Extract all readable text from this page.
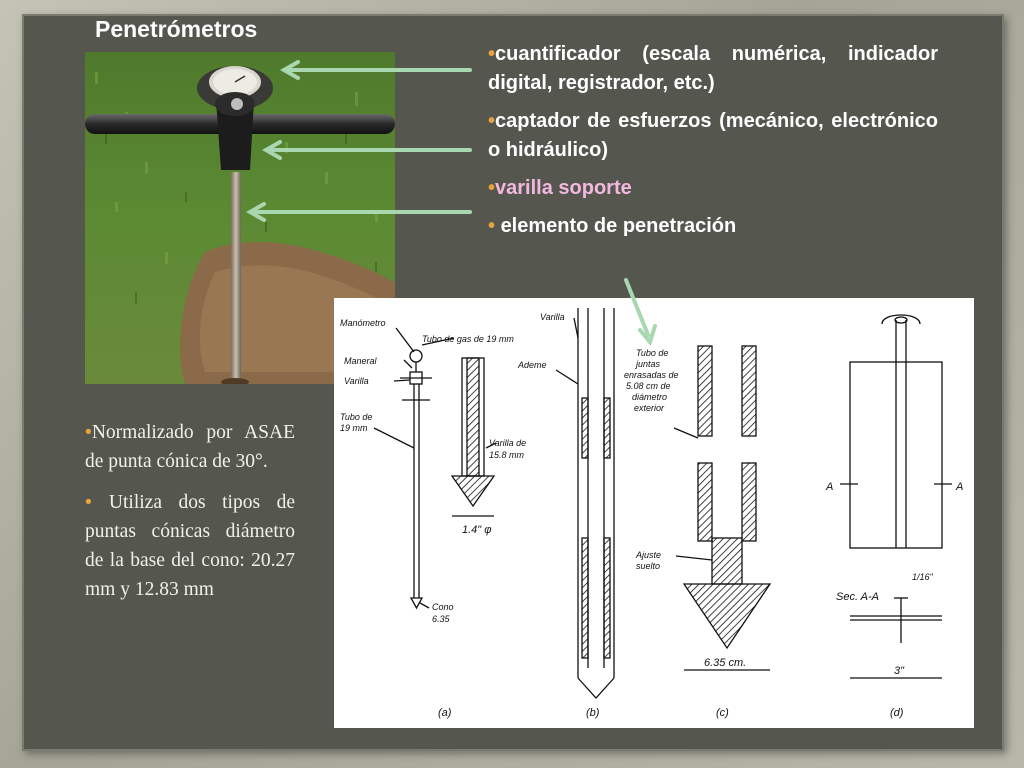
Penetrómetros

•cuantificador (escala numérica, indicador digital, registrador, etc.)

•captador de esfuerzos (mecánico, electrónico o hidráulico)

•varilla soporte

• elemento de penetración

•Normalizado por ASAE de punta cónica de 30°.

• Utiliza dos tipos de puntas cónicas diámetro de la base del cono: 20.27 mm y 12.83 mm

Manómetro
Tubo de gas de 19 mm
Maneral
Varilla
Tubo de
19 mm
Varilla de
15.8 mm
1.4" φ
Cono
6.35
Varilla
Ademe
Tubo de
juntas
enrasadas de
5.08 cm de
diámetro
exterior
Ajuste
suelto
6.35 cm.
A	A
Sec. A-A
1/16"
3"
(a)	(b)	(c)	(d)
